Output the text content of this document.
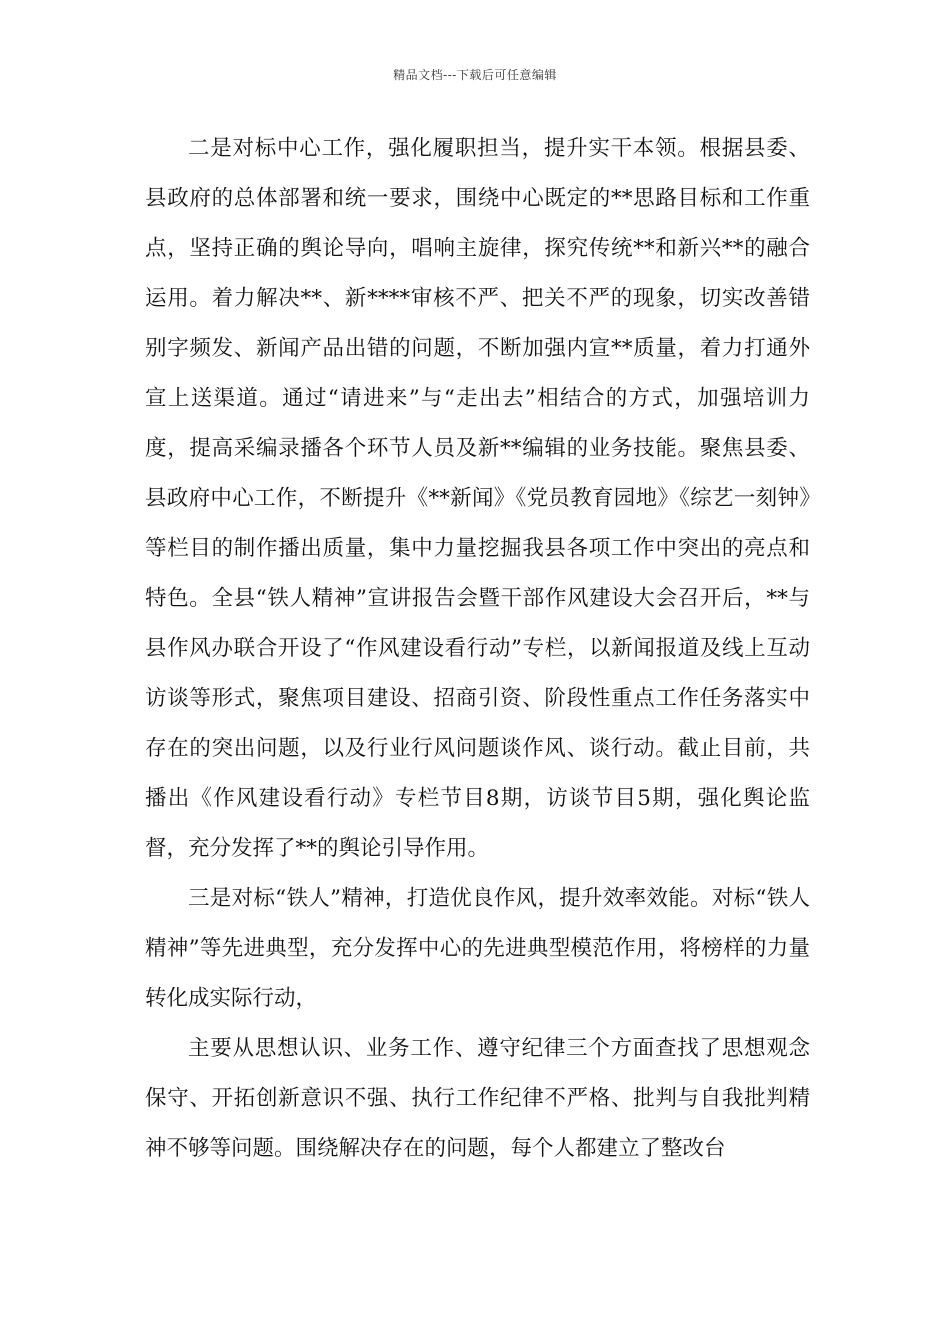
精品文档---下载后可任意编辑

二是对标中心工作，强化履职担当，提升实干本领。根据县委、县政府的总体部署和统一要求，围绕中心既定的**思路目标和工作重点，坚持正确的舆论导向，唱响主旋律，探究传统**和新兴**的融合运用。着力解决**、新****审核不严、把关不严的现象，切实改善错别字频发、新闻产品出错的问题，不断加强内宣**质量，着力打通外宣上送渠道。通过“请进来”与“走出去”相结合的方式，加强培训力度，提高采编录播各个环节人员及新**编辑的业务技能。聚焦县委、县政府中心工作，不断提升《**新闻》《党员教育园地》《综艺一刻钟》等栏目的制作播出质量，集中力量挖掘我县各项工作中突出的亮点和特色。全县“铁人精神”宣讲报告会暨干部作风建设大会召开后，**与县作风办联合开设了“作风建设看行动”专栏，以新闻报道及线上互动访谈等形式，聚焦项目建设、招商引资、阶段性重点工作任务落实中存在的突出问题，以及行业行风问题谈作风、谈行动。截止目前，共播出《作风建设看行动》专栏节目8期，访谈节目5期，强化舆论监督，充分发挥了**的舆论引导作用。

三是对标“铁人”精神，打造优良作风，提升效率效能。对标“铁人精神”等先进典型，充分发挥中心的先进典型模范作用，将榜样的力量转化成实际行动，

主要从思想认识、业务工作、遵守纪律三个方面查找了思想观念保守、开拓创新意识不强、执行工作纪律不严格、批判与自我批判精神不够等问题。围绕解决存在的问题，每个人都建立了整改台
